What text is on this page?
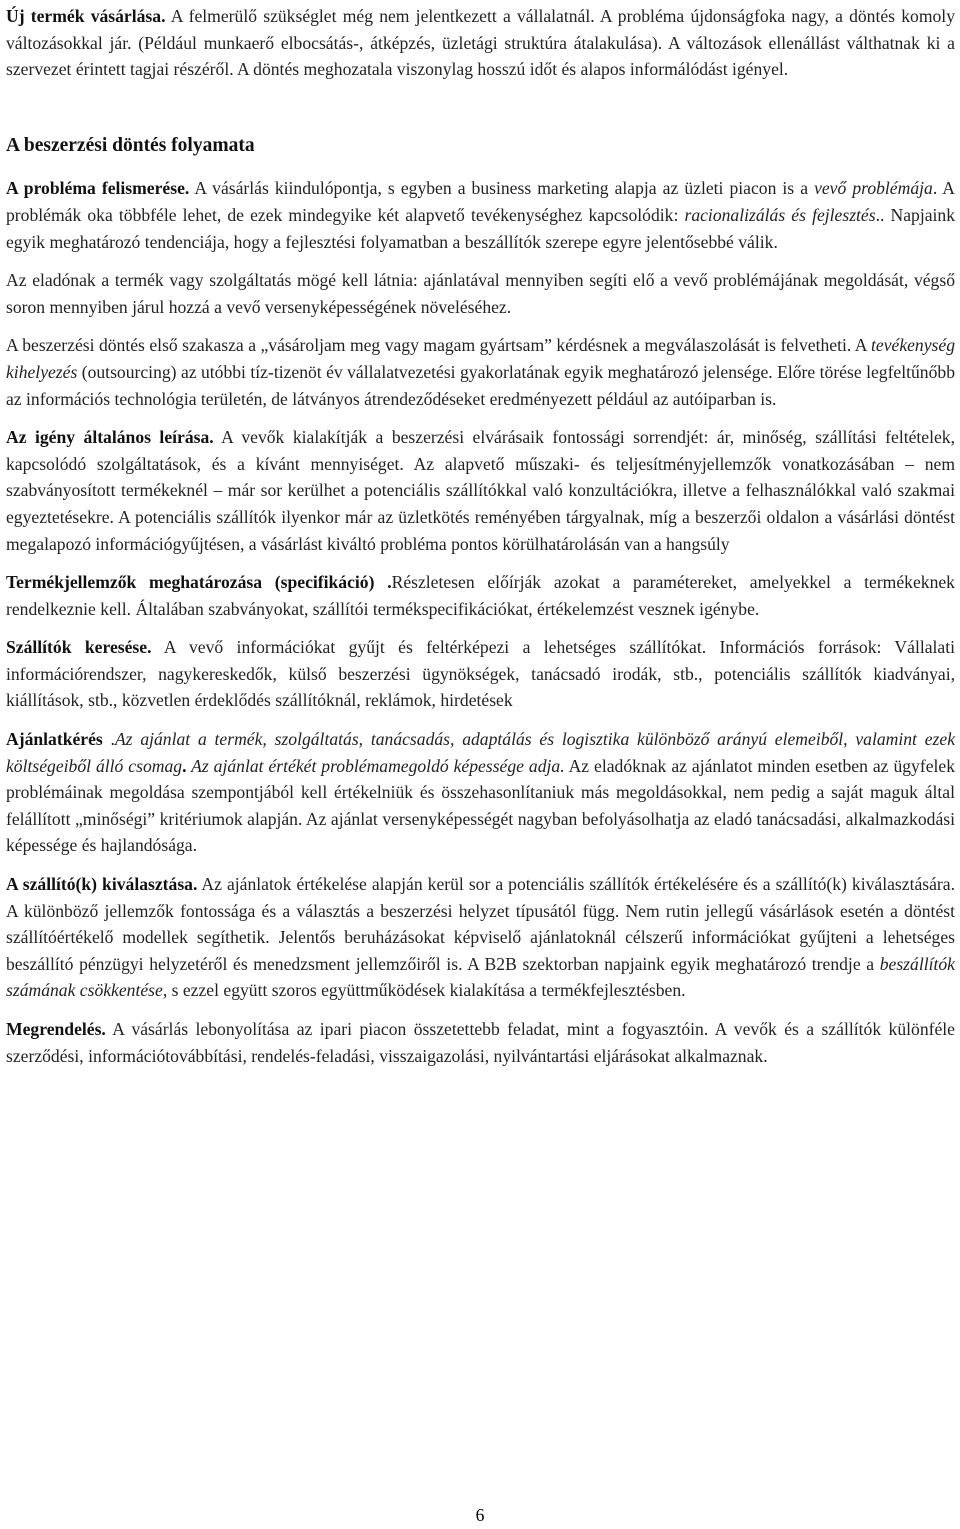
Új termék vásárlása. A felmerülő szükséglet még nem jelentkezett a vállalatnál. A probléma újdonságfoka nagy, a döntés komoly változásokkal jár. (Például munkaerő elbocsátás-, átképzés, üzletági struktúra átalakulása). A változások ellenállást válthatnak ki a szervezet érintett tagjai részéről. A döntés meghozatala viszonylag hosszú időt és alapos informálódást igényel.

A beszerzési döntés folyamata

A probléma felismerése. A vásárlás kiindulópontja, s egyben a business marketing alapja az üzleti piacon is a vevő problémája. A problémák oka többféle lehet, de ezek mindegyike két alapvető tevékenységhez kapcsolódik: racionalizálás és fejlesztés.. Napjaink egyik meghatározó tendenciája, hogy a fejlesztési folyamatban a beszállítók szerepe egyre jelentősebbé válik.

Az eladónak a termék vagy szolgáltatás mögé kell látnia: ajánlatával mennyiben segíti elő a vevő problémájának megoldását, végső soron mennyiben járul hozzá a vevő versenyképességének növeléséhez.

A beszerzési döntés első szakasza a „vásároljam meg vagy magam gyártsam” kérdésnek a megválaszolását is felvetheti. A tevékenység kihelyezés (outsourcing) az utóbbi tíz-tizenöt év vállalatvezetési gyakorlatának egyik meghatározó jelensége. Előre törése legfeltűnőbb az információs technológia területén, de látványos átrendeződéseket eredményezett például az autóiparban is.

Az igény általános leírása. A vevők kialakítják a beszerzési elvárásaik fontossági sorrendjét: ár, minőség, szállítási feltételek, kapcsolódó szolgáltatások, és a kívánt mennyiséget. Az alapvető műszaki- és teljesítményjellemzők vonatkozásában – nem szabványosított termékeknél – már sor kerülhet a potenciális szállítókkal való konzultációkra, illetve a felhasználókkal való szakmai egyeztetésekre. A potenciális szállítók ilyenkor már az üzletkötés reményében tárgyalnak, míg a beszerzői oldalon a vásárlási döntést megalapozó információgyűjtésen, a vásárlást kiváltó probléma pontos körülhatárolásán van a hangsúly

Termékjellemzők meghatározása (specifikáció) .Részletesen előírják azokat a paramétereket, amelyekkel a termékeknek rendelkeznie kell. Általában szabványokat, szállítói termékspecifikációkat, értékelemzést vesznek igénybe.

Szállítók keresése. A vevő információkat gyűjt és feltérképezi a lehetséges szállítókat. Információs források: Vállalati információrendszer, nagykereskedők, külső beszerzési ügynökségek, tanácsadó irodák, stb., potenciális szállítók kiadványai, kiállítások, stb., közvetlen érdeklődés szállítóknál, reklámok, hirdetések

Ajánlatkérés .Az ajánlat a termék, szolgáltatás, tanácsadás, adaptálás és logisztika különböző arányú elemeiből, valamint ezek költségeiből álló csomag. Az ajánlat értékét problémamegoldó képessége adja. Az eladóknak az ajánlatot minden esetben az ügyfelek problémáinak megoldása szempontjából kell értékelniük és összehasonlítaniuk más megoldásokkal, nem pedig a saját maguk által felállított „minőségi” kritériumok alapján. Az ajánlat versenyképességét nagyban befolyásolhatja az eladó tanácsadási, alkalmazkodási képessége és hajlandósága.

A szállító(k) kiválasztása. Az ajánlatok értékelése alapján kerül sor a potenciális szállítók értékelésére és a szállító(k) kiválasztására. A különböző jellemzők fontossága és a választás a beszerzési helyzet típusától függ. Nem rutin jellegű vásárlások esetén a döntést szállítóértékelő modellek segíthetik. Jelentős beruházásokat képviselő ajánlatoknál célszerű információkat gyűjteni a lehetséges beszállító pénzügyi helyzetéről és menedzsment jellemzőiről is. A B2B szektorban napjaink egyik meghatározó trendje a beszállítók számának csökkentése, s ezzel együtt szoros együttműködések kialakítása a termékfejlesztésben.

Megrendelés. A vásárlás lebonyolítása az ipari piacon összetettebb feladat, mint a fogyasztóin. A vevők és a szállítók különféle szerződési, információtovábbítási, rendelés-feladási, visszaigazolási, nyilvántartási eljárásokat alkalmaznak.

6
